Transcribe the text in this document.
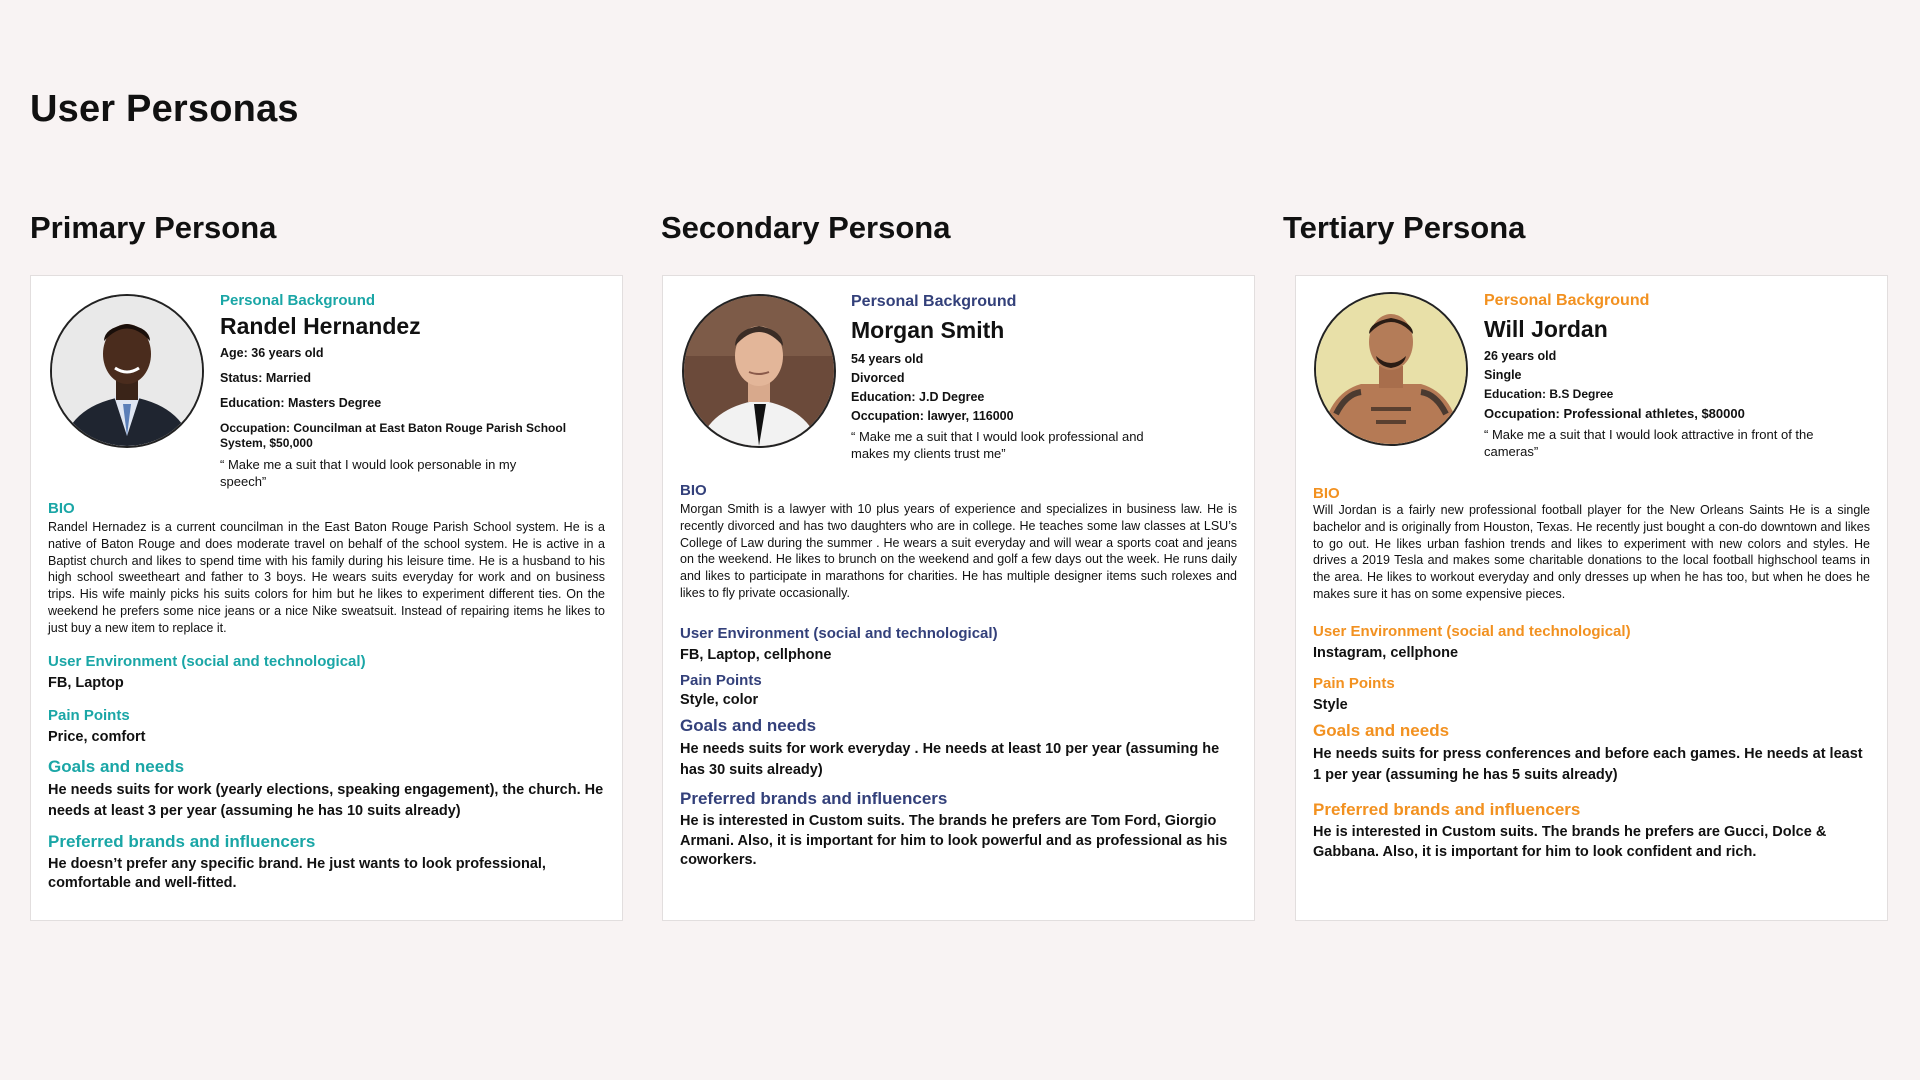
User Personas
Primary Persona

Personal Background

Randel Hernandez

Age: 36 years old

Status: Married

Education: Masters Degree

Occupation: Councilman at East Baton Rouge Parish School System, $50,000

“ Make me a suit that I would look personable in my speech”

BIO

Randel Hernadez is a current councilman in the East Baton Rouge Parish School system. He is a native of Baton Rouge and does moderate travel on behalf of the school system. He is active in a Baptist church and likes to spend time with his family during his leisure time. He is a husband to his high school sweetheart and father to 3 boys. He wears suits everyday for work and on business trips. His wife mainly picks his suits colors for him but he likes to experiment different ties. On the weekend he prefers some nice jeans or a nice Nike sweatsuit. Instead of repairing items he likes to just buy a new item to replace it.

User Environment (social and technological)

FB, Laptop

Pain Points

Price, comfort

Goals and needs

He needs suits for work (yearly elections, speaking engagement), the church. He needs at least 3 per year (assuming he has 10 suits already)

Preferred brands and influencers

He doesn’t prefer any specific brand. He just wants to look professional, comfortable and well-fitted.

Secondary Persona

Personal Background

Morgan Smith

54 years old

Divorced

Education: J.D Degree

Occupation: lawyer, 116000

“ Make me a suit that I would look professional and makes my clients trust me”

BIO

Morgan Smith is a lawyer with 10 plus years of experience and specializes in business law. He is recently divorced and has two daughters who are in college. He teaches some law classes at LSU’s College of Law during the summer . He wears a suit everyday and will wear a sports coat and jeans on the weekend. He likes to brunch on the weekend and golf a few days out the week. He runs daily and likes to participate in marathons for charities. He has multiple designer items such rolexes and likes to fly private occasionally.

User Environment (social and technological)

FB, Laptop, cellphone

Pain Points

Style, color

Goals and needs

He needs suits for work everyday . He needs at least 10 per year (assuming he has 30 suits already)

Preferred brands and influencers

He is interested in Custom suits. The brands he prefers are Tom Ford, Giorgio Armani. Also, it is important for him to look powerful and as professional as his coworkers.

Tertiary Persona

Personal Background

Will Jordan

26 years old

Single

Education: B.S Degree

Occupation: Professional athletes, $80000

“ Make me a suit that I would look attractive in front of the cameras”

BIO

Will Jordan is a fairly new professional football player for the New Orleans Saints He is a single bachelor and is originally from Houston, Texas. He recently just bought a con-do downtown and likes to go out. He likes urban fashion trends and likes to experiment with new colors and styles. He drives a 2019 Tesla and makes some charitable donations to the local football highschool teams in the area. He likes to workout everyday and only dresses up when he has too, but when he does he makes sure it has on some expensive pieces.

User Environment (social and technological)

Instagram, cellphone

Pain Points

Style

Goals and needs

He needs suits for press conferences and before each games. He needs at least 1 per year (assuming he has 5 suits already)

Preferred brands and influencers

He is interested in Custom suits. The brands he prefers are Gucci, Dolce & Gabbana. Also, it is important for him to look confident and rich.
